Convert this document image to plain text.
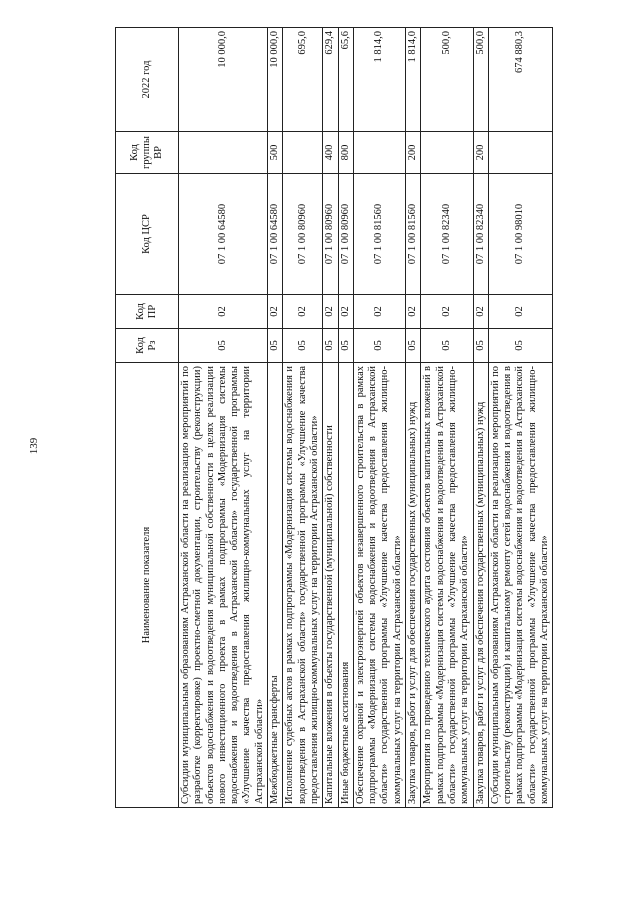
139
Наименование показателя	Код Рз	Код ПР	Код ЦСР	Код группы ВР	2022 год
Субсидии муниципальным образованиям Астраханской области на реализацию мероприятий по разработке (корректировке) проектно-сметной документации, строительству (реконструкции) объектов водоснабжения и водоотведения муниципальной собственности в целях реализации нового инвестиционного проекта в рамках подпрограммы «Модернизация системы водоснабжения и водоотведения в Астраханской области» государственной программы «Улучшение качества предоставления жилищно-коммунальных услуг на территории Астраханской области»	05	02	07 1 00 64580		10 000,0
Межбюджетные трансферты	05	02	07 1 00 64580	500	10 000,0
Исполнение судебных актов в рамках подпрограммы «Модернизация системы водоснабжения и водоотведения в Астраханской области» государственной программы «Улучшение качества предоставления жилищно-коммунальных услуг на территории Астраханской области»	05	02	07 1 00 80960		695,0
Капитальные вложения в объекты государственной (муниципальной) собственности	05	02	07 1 00 80960	400	629,4
Иные бюджетные ассигнования	05	02	07 1 00 80960	800	65,6
Обеспечение охраной и электроэнергией объектов незавершенного строительства в рамках подпрограммы «Модернизация системы водоснабжения и водоотведения в Астраханской области» государственной программы «Улучшение качества предоставления жилищно-коммунальных услуг на территории Астраханской области»	05	02	07 1 00 81560		1 814,0
Закупка товаров, работ и услуг для обеспечения государственных (муниципальных) нужд	05	02	07 1 00 81560	200	1 814,0
Мероприятия по проведению технического аудита состояния объектов капитальных вложений в рамках подпрограммы «Модернизация системы водоснабжения и водоотведения в Астраханской области» государственной программы «Улучшение качества предоставления жилищно-коммунальных услуг на территории Астраханской области»	05	02	07 1 00 82340		500,0
Закупка товаров, работ и услуг для обеспечения государственных (муниципальных) нужд	05	02	07 1 00 82340	200	500,0
Субсидии муниципальным образованиям Астраханской области на реализацию мероприятий по строительству (реконструкции) и капитальному ремонту сетей водоснабжения и водоотведения в рамках подпрограммы «Модернизация системы водоснабжения и водоотведения в Астраханской области» государственной программы «Улучшение качества предоставления жилищно-коммунальных услуг на территории Астраханской области»	05	02	07 1 00 98010		674 880,3
